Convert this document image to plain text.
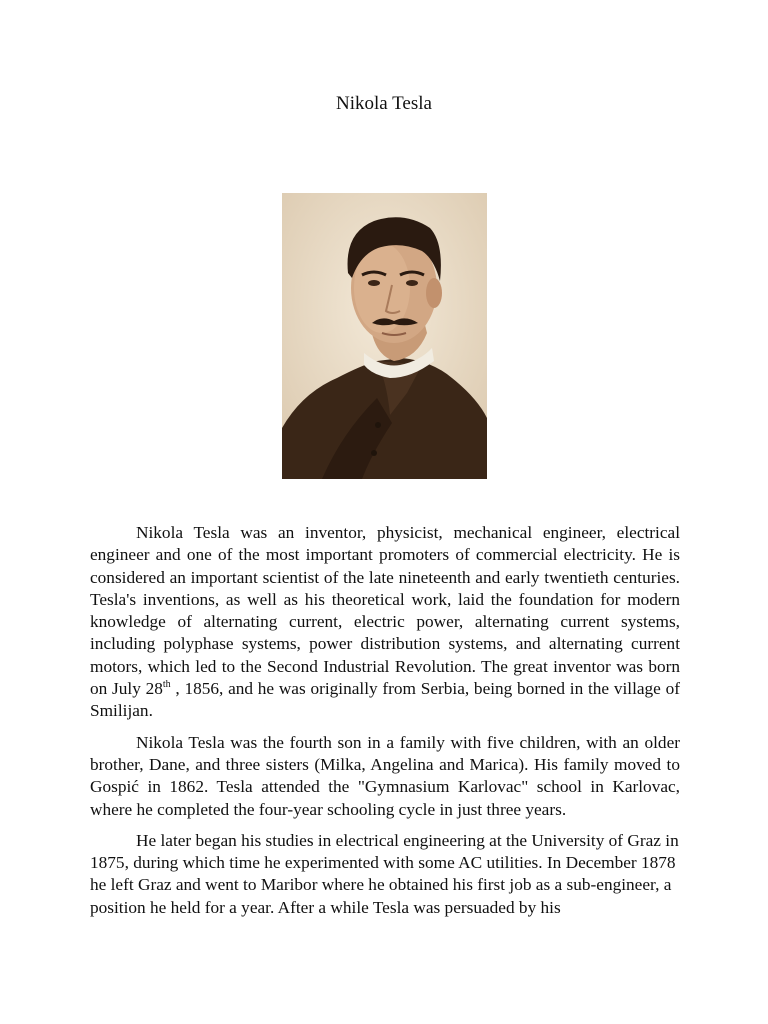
Nikola Tesla

Nikola Tesla was an inventor, physicist, mechanical engineer, electrical engineer and one of the most important promoters of commercial electricity. He is considered an important scientist of the late nineteenth and early twentieth centuries. Tesla's inventions, as well as his theoretical work, laid the foundation for modern knowledge of alternating current, electric power, alternating current systems, including polyphase systems, power distribution systems, and alternating current motors, which led to the Second Industrial Revolution. The great inventor was born on July 28th , 1856, and he was originally from Serbia, being borned in the village of Smilijan.

Nikola Tesla was the fourth son in a family with five children, with an older brother, Dane, and three sisters (Milka, Angelina and Marica). His family moved to Gospić in 1862. Tesla attended the "Gymnasium Karlovac" school in Karlovac, where he completed the four-year schooling cycle in just three years.

He later began his studies in electrical engineering at the University of Graz in 1875, during which time he experimented with some AC utilities. In December 1878 he left Graz and went to Maribor where he obtained his first job as a sub-engineer, a position he held for a year. After a while Tesla was persuaded by his
